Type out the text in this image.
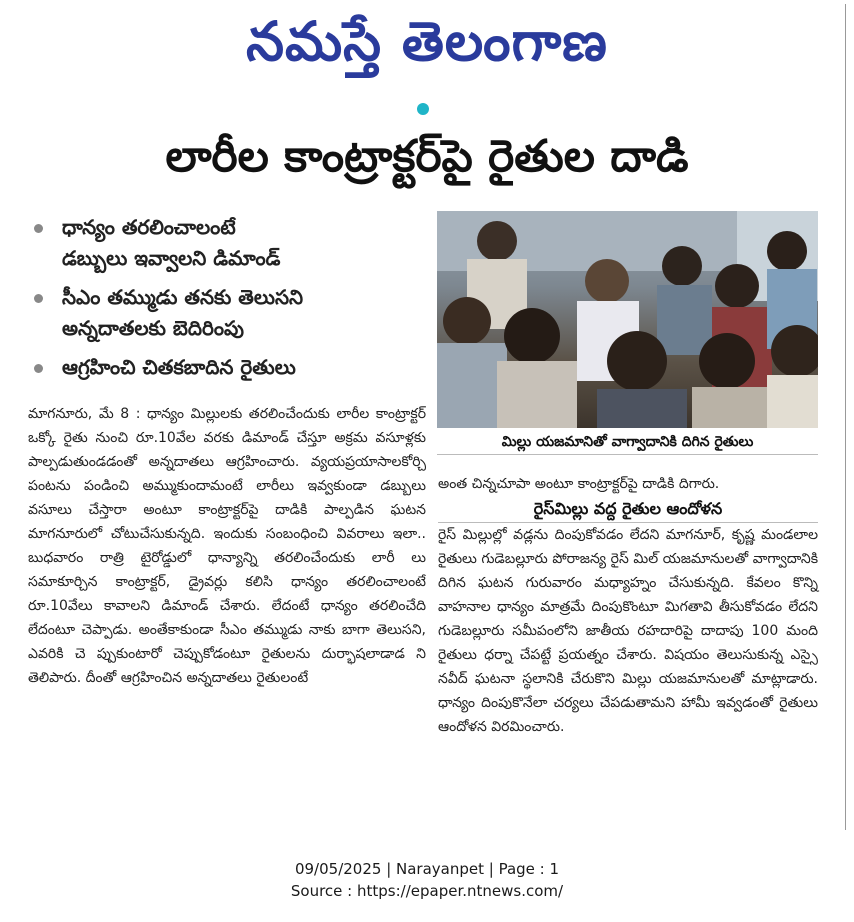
నమస్తే తెలంగాణ
లారీల కాంట్రాక్టర్‌పై రైతుల దాడి
ధాన్యం తరలించాలంటే
డబ్బులు ఇవ్వాలని డిమాండ్
సీఎం తమ్ముడు తనకు తెలుసని
అన్నదాతలకు బెదిరింపు
ఆగ్రహించి చితకబాదిన రైతులు
మిల్లు యజమానితో వాగ్వాదానికి దిగిన రైతులు

మాగనూరు, మే 8 : ధాన్యం మిల్లులకు తరలించేందుకు లారీల కాంట్రాక్టర్ ఒక్కో రైతు నుంచి రూ.10వేల వరకు డిమాండ్ చేస్తూ అక్రమ వసూళ్లకు పాల్పడుతుండడంతో అన్నదాతలు ఆగ్రహించారు. వ్యయప్రయాసాలకోర్చి పంటను పండించి అమ్ముకుందామంటే లారీలు ఇవ్వకుండా డబ్బులు వసూలు చేస్తారా అంటూ కాంట్రాక్టర్‌పై దాడికి పాల్పడిన ఘటన మాగనూరులో చోటుచేసుకున్నది. ఇందుకు సంబంధించి వివరాలు ఇలా.. బుధవారం రాత్రి టైరోడ్డులో ధాన్యాన్ని తరలించేందుకు లారీ లు సమాకూర్చిన కాంట్రాక్టర్, డ్రైవర్లు కలిసి ధాన్యం తరలించాలంటే రూ.10వేలు కావాలని డిమాండ్ చేశారు. లేదంటే ధాన్యం తరలించేది లేదంటూ చెప్పాడు. అంతేకాకుండా సీఎం తమ్ముడు నాకు బాగా తెలుసని, ఎవరికి చె ప్పుకుంటారో చెప్పుకోడంటూ రైతులను దుర్భాషలాడాడ ని తెలిపారు. దీంతో ఆగ్రహించిన అన్నదాతలు రైతులంటే

అంత చిన్నచూపా అంటూ కాంట్రాక్టర్‌పై దాడికి దిగారు.

రైస్‌మిల్లు వద్ద రైతుల ఆందోళన

రైస్ మిల్లుల్లో వడ్లను దింపుకోవడం లేదని మాగనూర్, కృష్ణ మండలాల రైతులు గుడెబల్లూరు పోరాజన్య రైస్ మిల్ యజమానులతో వాగ్వాదానికి దిగిన ఘటన గురువారం మధ్యాహ్నం చేసుకున్నది. కేవలం కొన్ని వాహనాల ధాన్యం మాత్రమే దింపుకొంటూ మిగతావి తీసుకోవడం లేదని గుడెబల్లూరు సమీపంలోని జాతీయ రహదారిపై దాదాపు 100 మంది రైతులు ధర్నా చేపట్టే ప్రయత్నం చేశారు. విషయం తెలుసుకున్న ఎస్సై నవీద్ ఘటనా స్థలానికి చేరుకొని మిల్లు యజమానులతో మాట్లాడారు. ధాన్యం దింపుకొనేలా చర్యలు చేపడుతామని హామీ ఇవ్వడంతో రైతులు ఆందోళన విరమించారు.

09/05/2025 | Narayanpet | Page : 1
Source : https://epaper.ntnews.com/
